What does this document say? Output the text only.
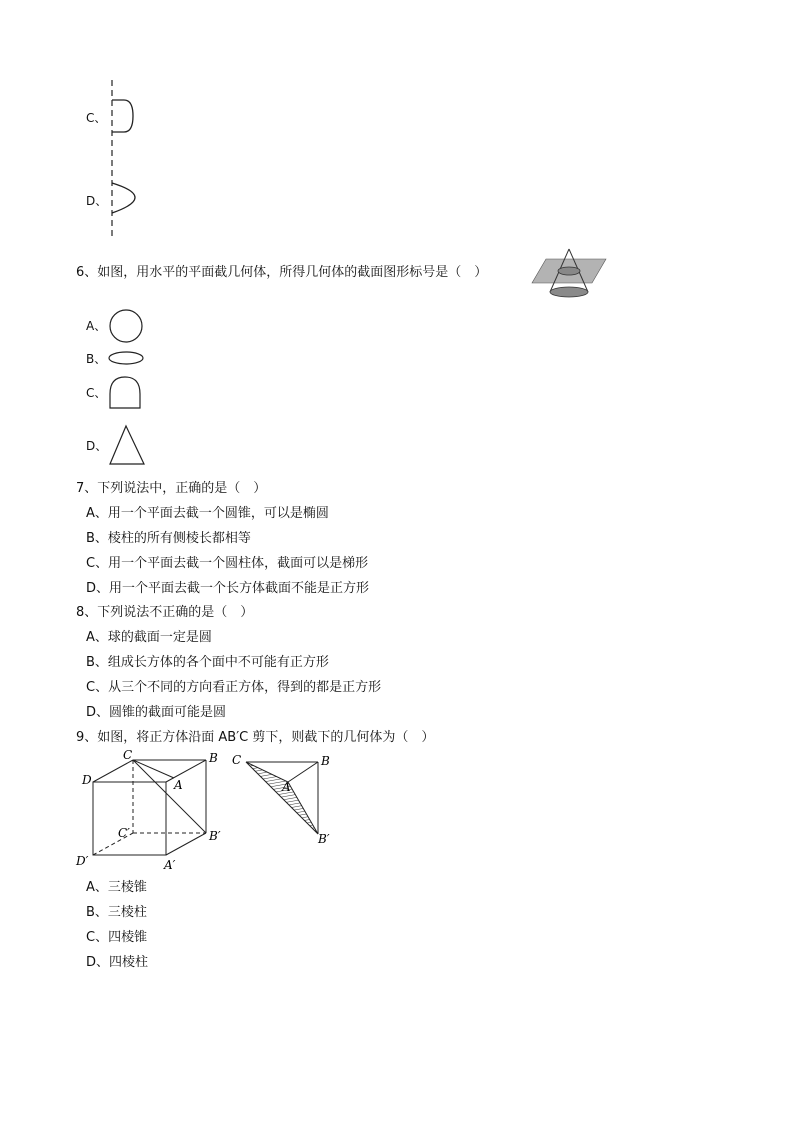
C、
D、
6、如图，用水平的平面截几何体，所得几何体的截面图形标号是（　）
A、
B、
C、
D、
7、下列说法中，正确的是（　）
A、用一个平面去截一个圆锥，可以是椭圆
B、棱柱的所有侧棱长都相等
C、用一个平面去截一个圆柱体，截面可以是梯形
D、用一个平面去截一个长方体截面不能是正方形
8、下列说法不正确的是（　）
A、球的截面一定是圆
B、组成长方体的各个面中不可能有正方形
C、从三个不同的方向看正方体，得到的都是正方形
D、圆锥的截面可能是圆
9、如图，将正方体沿面 AB′C 剪下，则截下的几何体为（　）
C	B
D	A
C′	B′
D′	A′
C	B
A
B′
A、三棱锥
B、三棱柱
C、四棱锥
D、四棱柱
